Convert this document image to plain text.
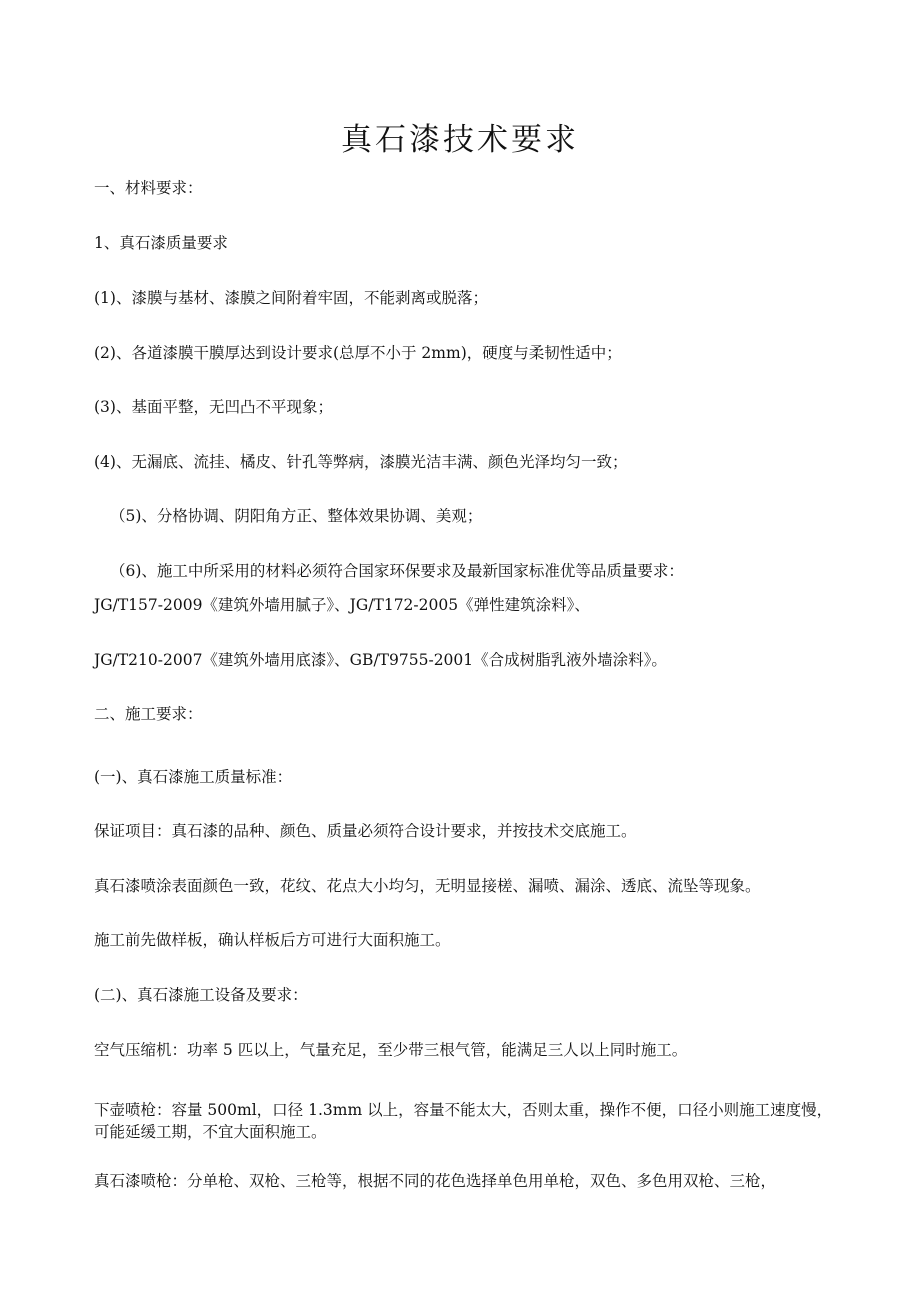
真石漆技术要求
一、材料要求：
1、真石漆质量要求
(1)、漆膜与基材、漆膜之间附着牢固，不能剥离或脱落；
(2)、各道漆膜干膜厚达到设计要求(总厚不小于 2mm)，硬度与柔韧性适中；
(3)、基面平整，无凹凸不平现象；
(4)、无漏底、流挂、橘皮、针孔等弊病，漆膜光洁丰满、颜色光泽均匀一致；
（5)、分格协调、阴阳角方正、整体效果协调、美观；
（6)、施工中所采用的材料必须符合国家环保要求及最新国家标准优等品质量要求：
JG/T157-2009《建筑外墙用腻子》、JG/T172-2005《弹性建筑涂料》、
JG/T210-2007《建筑外墙用底漆》、GB/T9755-2001《合成树脂乳液外墙涂料》。
二、施工要求：
(一)、真石漆施工质量标准：
保证项目：真石漆的品种、颜色、质量必须符合设计要求，并按技术交底施工。
真石漆喷涂表面颜色一致，花纹、花点大小均匀，无明显接槎、漏喷、漏涂、透底、流坠等现象。
施工前先做样板，确认样板后方可进行大面积施工。
(二)、真石漆施工设备及要求：
空气压缩机：功率 5 匹以上，气量充足，至少带三根气管，能满足三人以上同时施工。
下壶喷枪：容量 500ml，口径 1.3mm 以上，容量不能太大，否则太重，操作不便，口径小则施工速度慢，可能延缓工期，不宜大面积施工。
真石漆喷枪：分单枪、双枪、三枪等，根据不同的花色选择单色用单枪，双色、多色用双枪、三枪，
